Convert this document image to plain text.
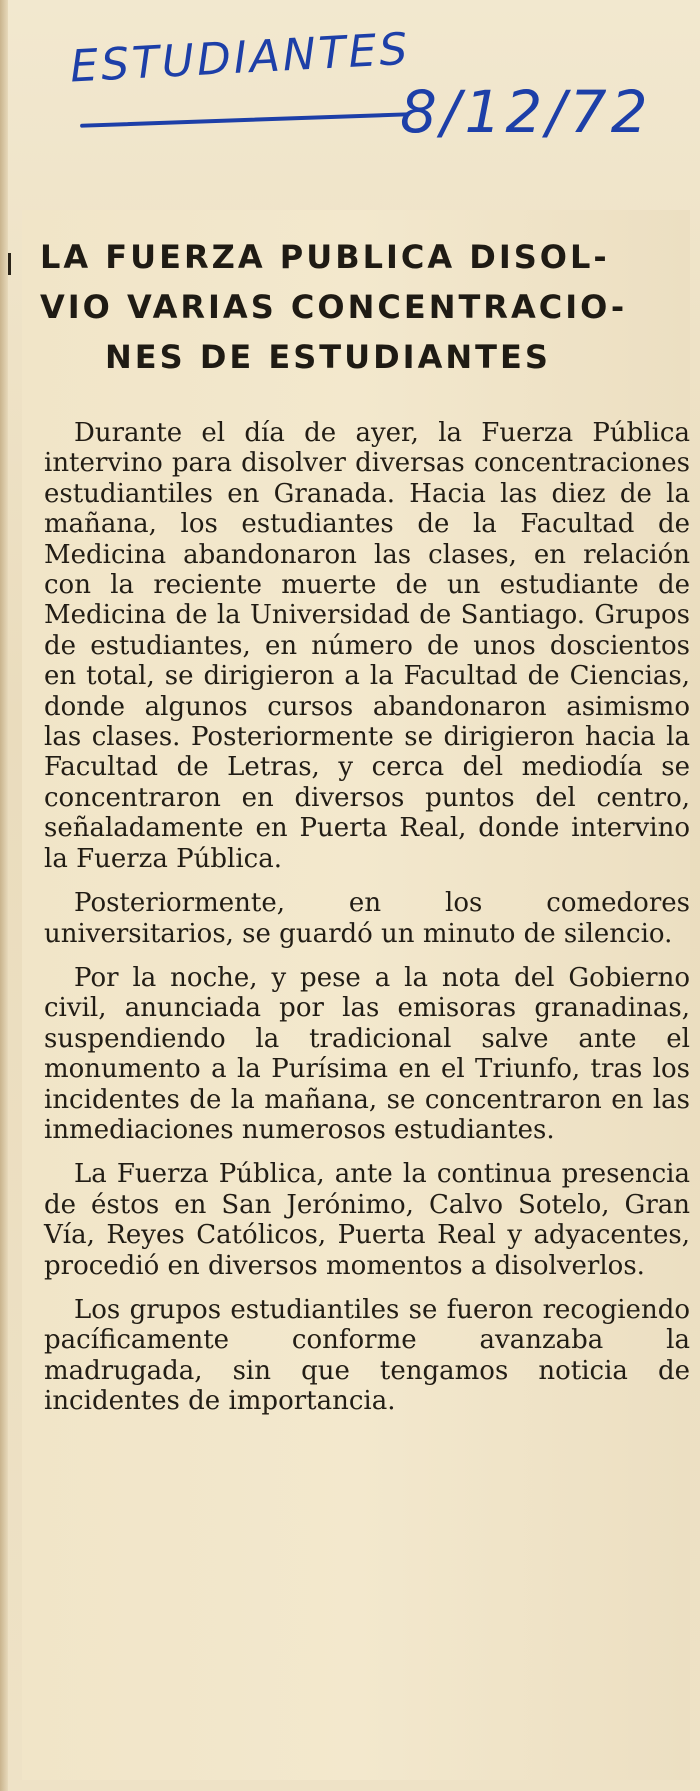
ESTUDIANTES
8/12/72
LA FUERZA PUBLICA DISOL-
VIO VARIAS CONCENTRACIO-
NES DE ESTUDIANTES

Durante el día de ayer, la Fuerza Pública intervino para disolver diversas concentraciones estudiantiles en Granada. Hacia las diez de la mañana, los estudiantes de la Facultad de Medicina abandonaron las clases, en relación con la reciente muerte de un estudiante de Medicina de la Universidad de Santiago. Grupos de estudiantes, en número de unos doscientos en total, se dirigieron a la Facultad de Ciencias, donde algunos cursos abandonaron asimismo las clases. Posteriormente se dirigieron hacia la Facultad de Letras, y cerca del mediodía se concentraron en diversos puntos del centro, señaladamente en Puerta Real, donde intervino la Fuerza Pública.

Posteriormente, en los comedores universitarios, se guardó un minuto de silencio.

Por la noche, y pese a la nota del Gobierno civil, anunciada por las emisoras granadinas, suspendiendo la tradicional salve ante el monumento a la Purísima en el Triunfo, tras los incidentes de la mañana, se concentraron en las inmediaciones numerosos estudiantes.

La Fuerza Pública, ante la continua presencia de éstos en San Jerónimo, Calvo Sotelo, Gran Vía, Reyes Católicos, Puerta Real y adyacentes, procedió en diversos momentos a disolverlos.

Los grupos estudiantiles se fueron recogiendo pacíficamente conforme avanzaba la madrugada, sin que tengamos noticia de incidentes de importancia.
